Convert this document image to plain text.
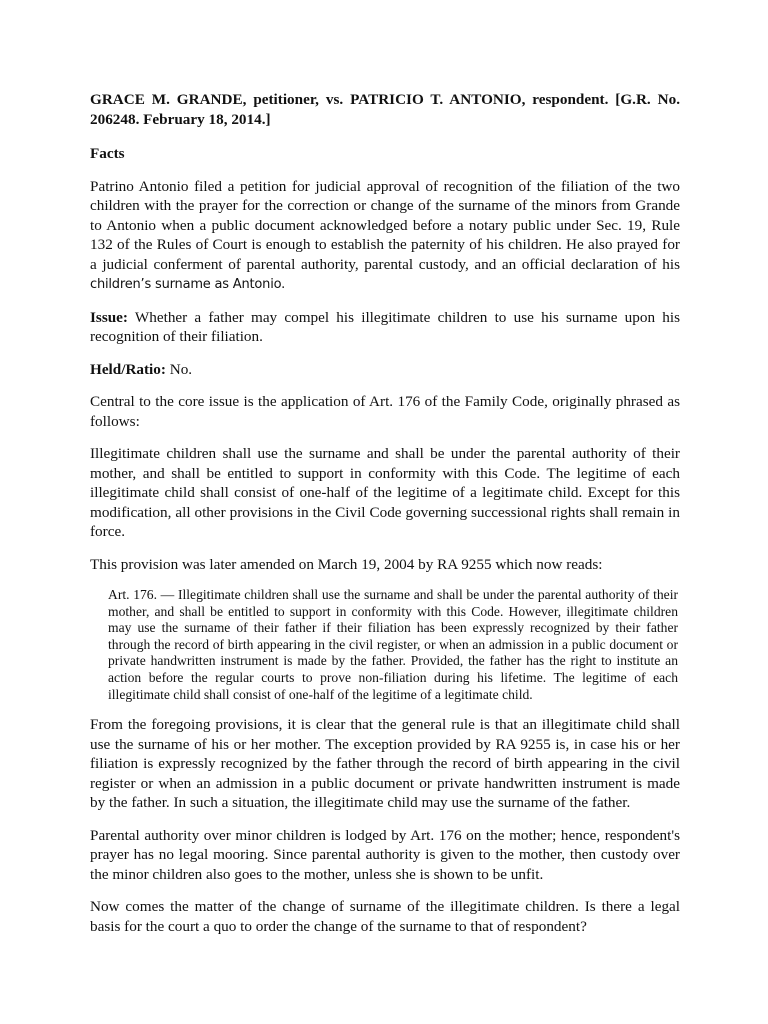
GRACE M. GRANDE, petitioner, vs. PATRICIO T. ANTONIO, respondent. [G.R. No. 206248. February 18, 2014.]

Facts

Patrino Antonio filed a petition for judicial approval of recognition of the filiation of the two children with the prayer for the correction or change of the surname of the minors from Grande to Antonio when a public document acknowledged before a notary public under Sec. 19, Rule 132 of the Rules of Court is enough to establish the paternity of his children. He also prayed for a judicial conferment of parental authority, parental custody, and an official declaration of his children’s surname as Antonio.

Issue: Whether a father may compel his illegitimate children to use his surname upon his recognition of their filiation.

Held/Ratio: No.

Central to the core issue is the application of Art. 176 of the Family Code, originally phrased as follows:

Illegitimate children shall use the surname and shall be under the parental authority of their mother, and shall be entitled to support in conformity with this Code. The legitime of each illegitimate child shall consist of one-half of the legitime of a legitimate child. Except for this modification, all other provisions in the Civil Code governing successional rights shall remain in force.

This provision was later amended on March 19, 2004 by RA 9255 which now reads:

Art. 176. — Illegitimate children shall use the surname and shall be under the parental authority of their mother, and shall be entitled to support in conformity with this Code. However, illegitimate children may use the surname of their father if their filiation has been expressly recognized by their father through the record of birth appearing in the civil register, or when an admission in a public document or private handwritten instrument is made by the father. Provided, the father has the right to institute an action before the regular courts to prove non-filiation during his lifetime. The legitime of each illegitimate child shall consist of one-half of the legitime of a legitimate child.

From the foregoing provisions, it is clear that the general rule is that an illegitimate child shall use the surname of his or her mother. The exception provided by RA 9255 is, in case his or her filiation is expressly recognized by the father through the record of birth appearing in the civil register or when an admission in a public document or private handwritten instrument is made by the father. In such a situation, the illegitimate child may use the surname of the father.

Parental authority over minor children is lodged by Art. 176 on the mother; hence, respondent's prayer has no legal mooring. Since parental authority is given to the mother, then custody over the minor children also goes to the mother, unless she is shown to be unfit.

Now comes the matter of the change of surname of the illegitimate children. Is there a legal basis for the court a quo to order the change of the surname to that of respondent?
